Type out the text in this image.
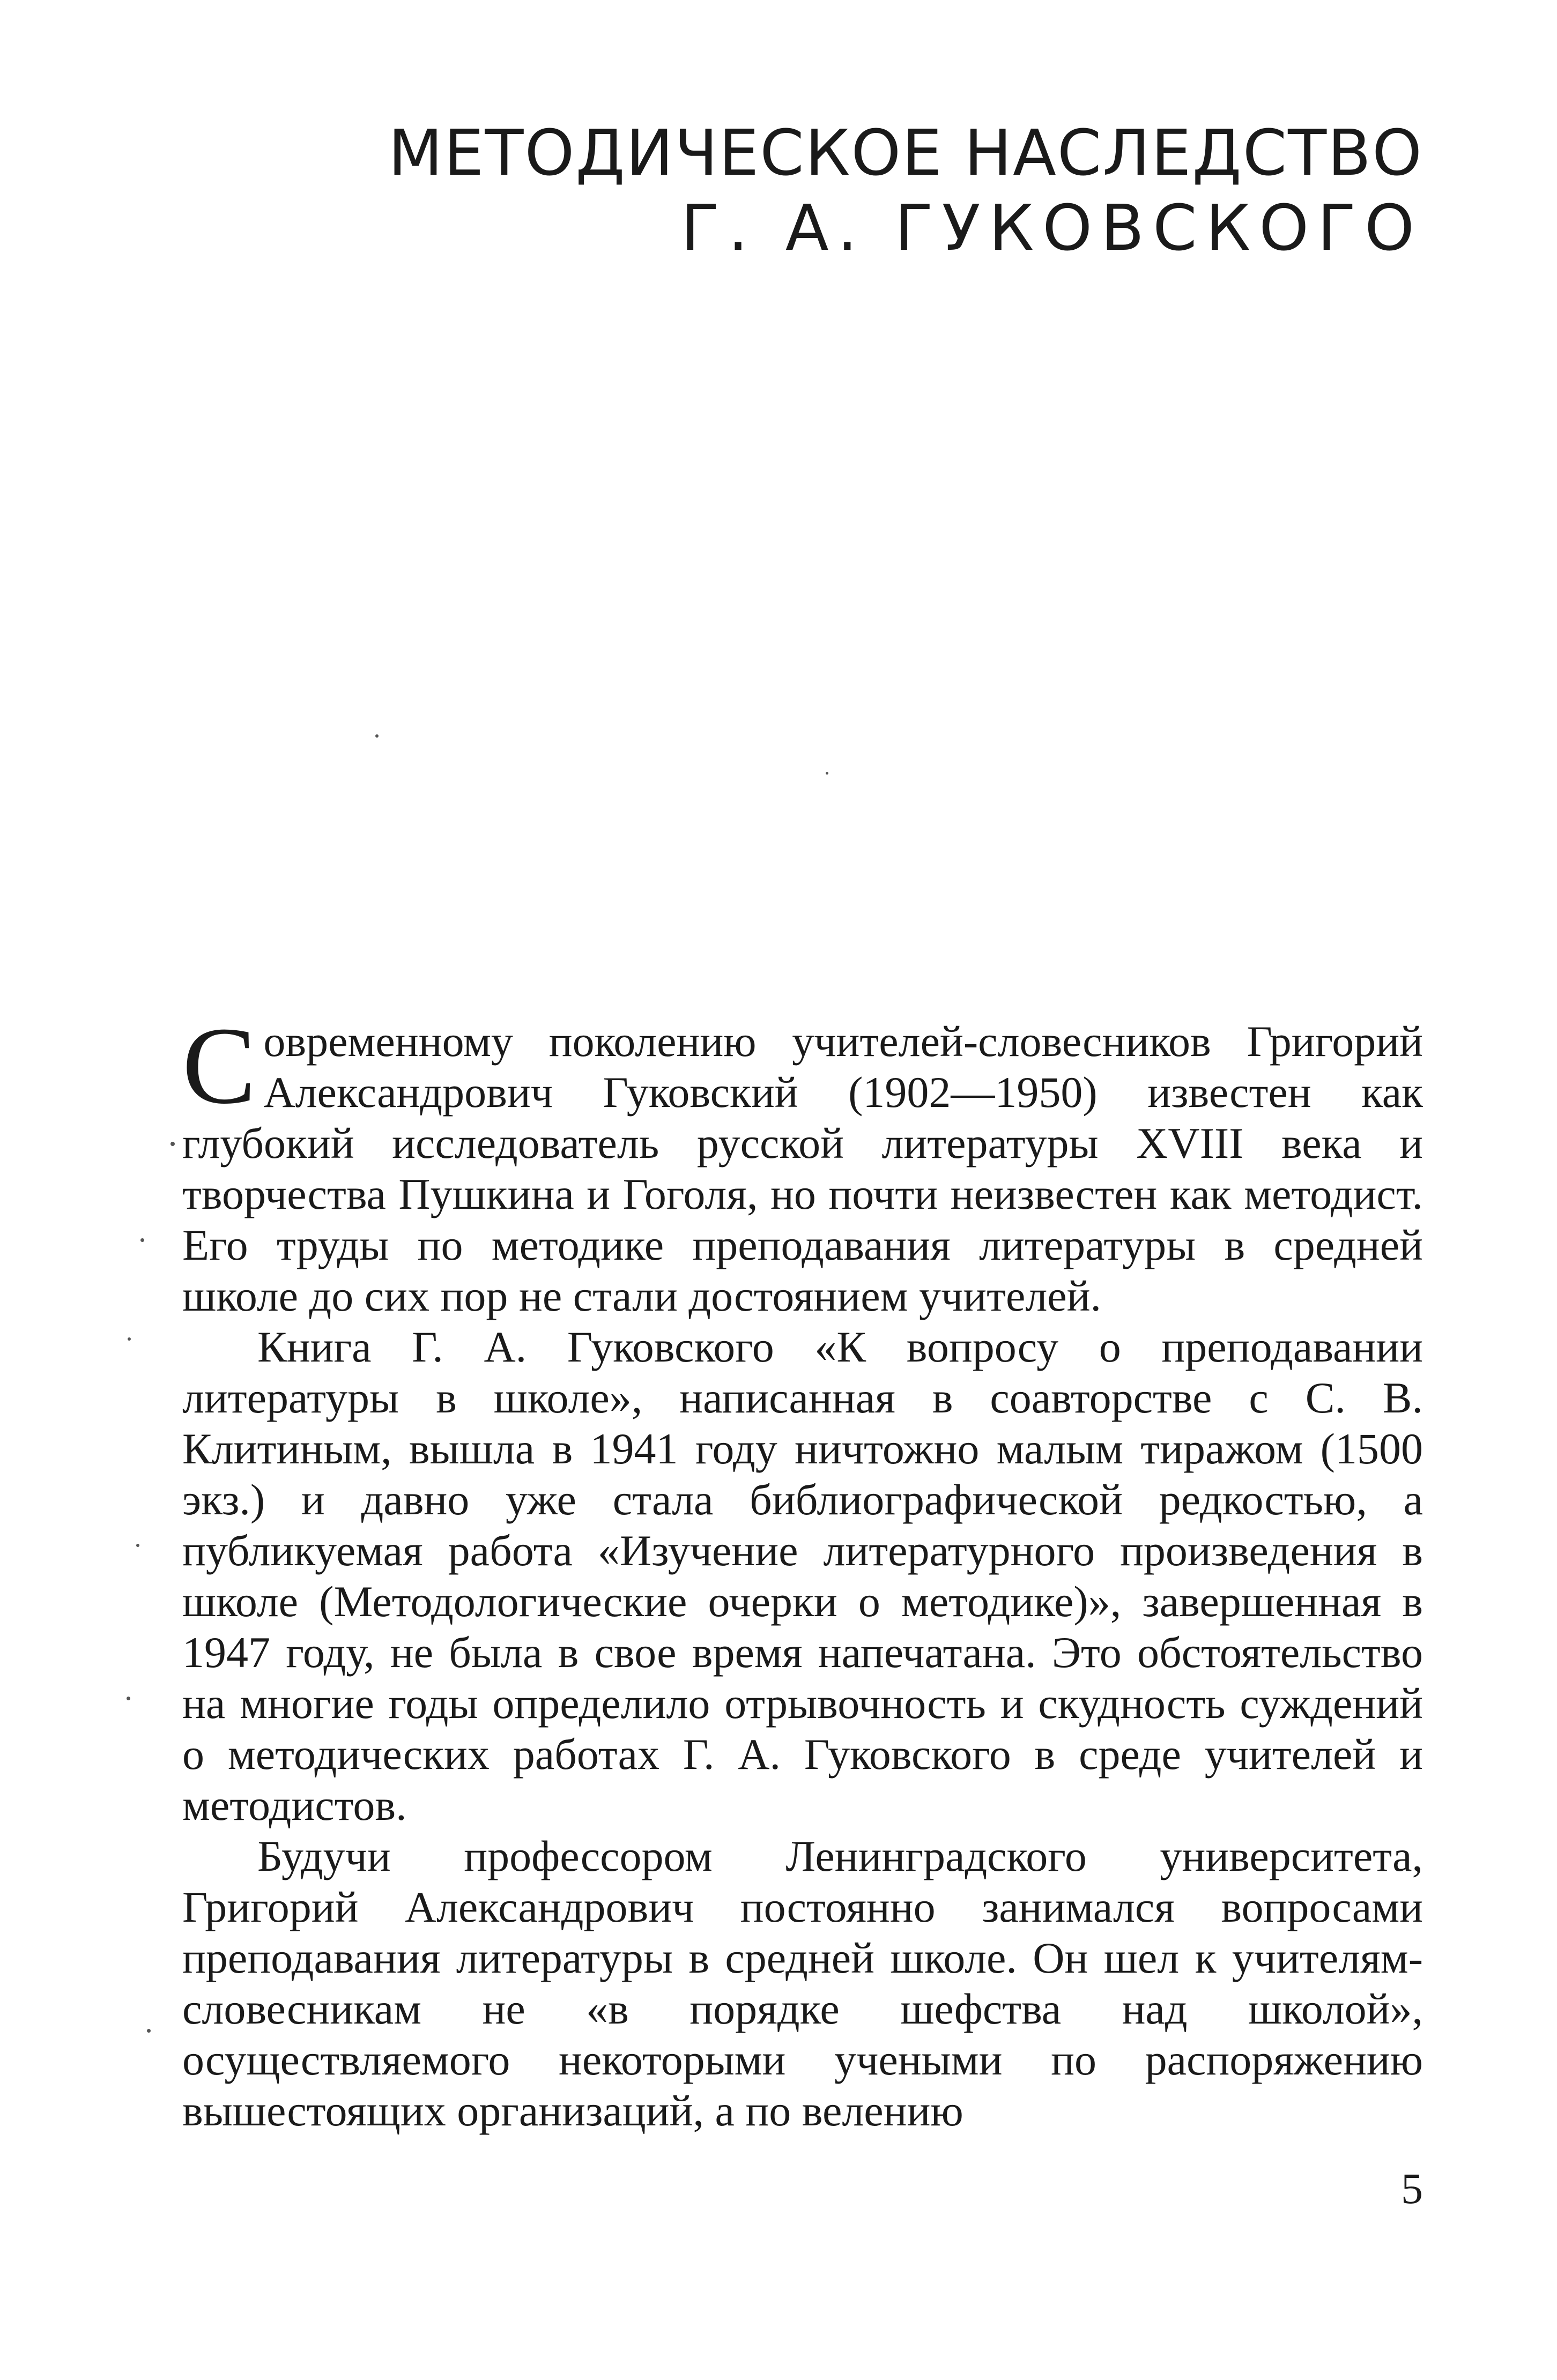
МЕТОДИЧЕСКОЕ НАСЛЕДСТВО
Г. А. ГУКОВСКОГО

Современному поколению учителей-словесников Григорий Александрович Гуковский (1902—1950) известен как глубокий исследователь русской литературы XVIII века и творчества Пушкина и Гоголя, но почти неизвестен как методист. Его труды по методике преподавания литературы в средней школе до сих пор не стали достоянием учителей.

Книга Г. А. Гуковского «К вопросу о преподавании литературы в школе», написанная в соавторстве с С. В. Клитиным, вышла в 1941 году ничтожно малым тиражом (1500 экз.) и давно уже стала библиографической редкостью, а публикуемая работа «Изучение литературного произведения в школе (Методологические очерки о методике)», завершенная в 1947 году, не была в свое время напечатана. Это обстоятельство на многие годы определило отрывочность и скудность суждений о методических работах Г. А. Гуковского в среде учителей и методистов.

Будучи профессором Ленинградского университета, Григорий Александрович постоянно занимался вопросами преподавания литературы в средней школе. Он шел к учителям-словесникам не «в порядке шефства над школой», осуществляемого некоторыми учеными по распоряжению вышестоящих организаций, а по велению

5
